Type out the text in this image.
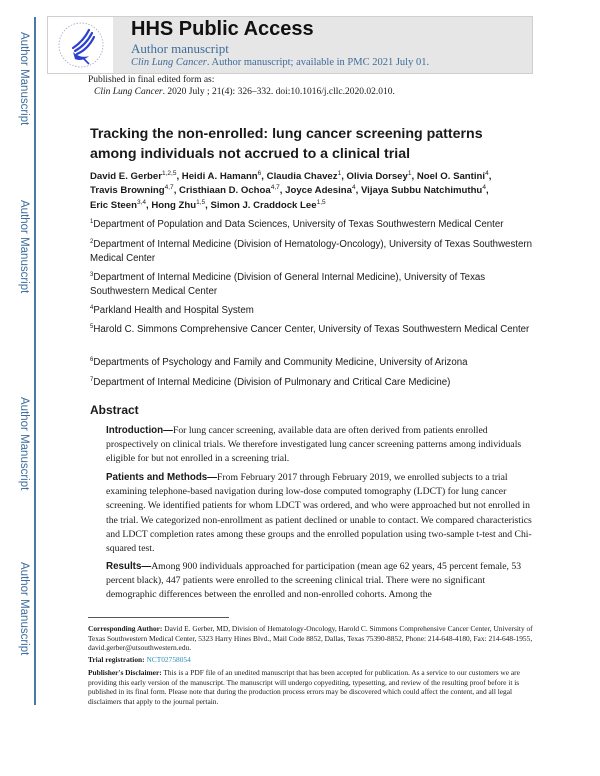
Author Manuscript
Author Manuscript
Author Manuscript
Author Manuscript
HHS Public Access
Author manuscript
Clin Lung Cancer. Author manuscript; available in PMC 2021 July 01.
Published in final edited form as:
Clin Lung Cancer. 2020 July ; 21(4): 326–332. doi:10.1016/j.cllc.2020.02.010.
Tracking the non-enrolled: lung cancer screening patterns among individuals not accrued to a clinical trial
David E. Gerber$^{1,2,5}$, Heidi A. Hamann$^6$, Claudia Chavez$^1$, Olivia Dorsey$^1$, Noel O. Santini$^4$,
Travis Browning$^{4,7}$, Cristhiaan D. Ochoa$^{4,7}$, Joyce Adesina$^4$, Vijaya Subbu Natchimuthu$^4$,
Eric Steen$^{3,4}$, Hong Zhu$^{1,5}$, Simon J. Craddock Lee$^{1,5}$
$^1$Department of Population and Data Sciences, University of Texas Southwestern Medical Center
$^2$Department of Internal Medicine (Division of Hematology-Oncology), University of Texas Southwestern Medical Center
$^3$Department of Internal Medicine (Division of General Internal Medicine), University of Texas Southwestern Medical Center
$^4$Parkland Health and Hospital System
$^5$Harold C. Simmons Comprehensive Cancer Center, University of Texas Southwestern Medical Center
$^6$Departments of Psychology and Family and Community Medicine, University of Arizona
$^7$Department of Internal Medicine (Division of Pulmonary and Critical Care Medicine)
Abstract
Introduction—For lung cancer screening, available data are often derived from patients enrolled prospectively on clinical trials. We therefore investigated lung cancer screening patterns among individuals eligible for but not enrolled in a screening trial.
Patients and Methods—From February 2017 through February 2019, we enrolled subjects to a trial examining telephone-based navigation during low-dose computed tomography (LDCT) for lung cancer screening. We identified patients for whom LDCT was ordered, and who were approached but not enrolled in the trial. We categorized non-enrollment as patient declined or unable to contact. We compared characteristics and LDCT completion rates among these groups and the enrolled population using two-sample t-test and Chi-squared test.
Results—Among 900 individuals approached for participation (mean age 62 years, 45 percent female, 53 percent black), 447 patients were enrolled to the screening clinical trial. There were no significant demographic differences between the enrolled and non-enrolled cohorts. Among the
Corresponding Author: David E. Gerber, MD, Division of Hematology-Oncology, Harold C. Simmons Comprehensive Cancer Center, University of Texas Southwestern Medical Center, 5323 Harry Hines Blvd., Mail Code 8852, Dallas, Texas 75390-8852, Phone: 214-648-4180, Fax: 214-648-1955, david.gerber@utsouthwestern.edu.
Trial registration: NCT02758054
Publisher's Disclaimer: This is a PDF file of an unedited manuscript that has been accepted for publication. As a service to our customers we are providing this early version of the manuscript. The manuscript will undergo copyediting, typesetting, and review of the resulting proof before it is published in its final form. Please note that during the production process errors may be discovered which could affect the content, and all legal disclaimers that apply to the journal pertain.
